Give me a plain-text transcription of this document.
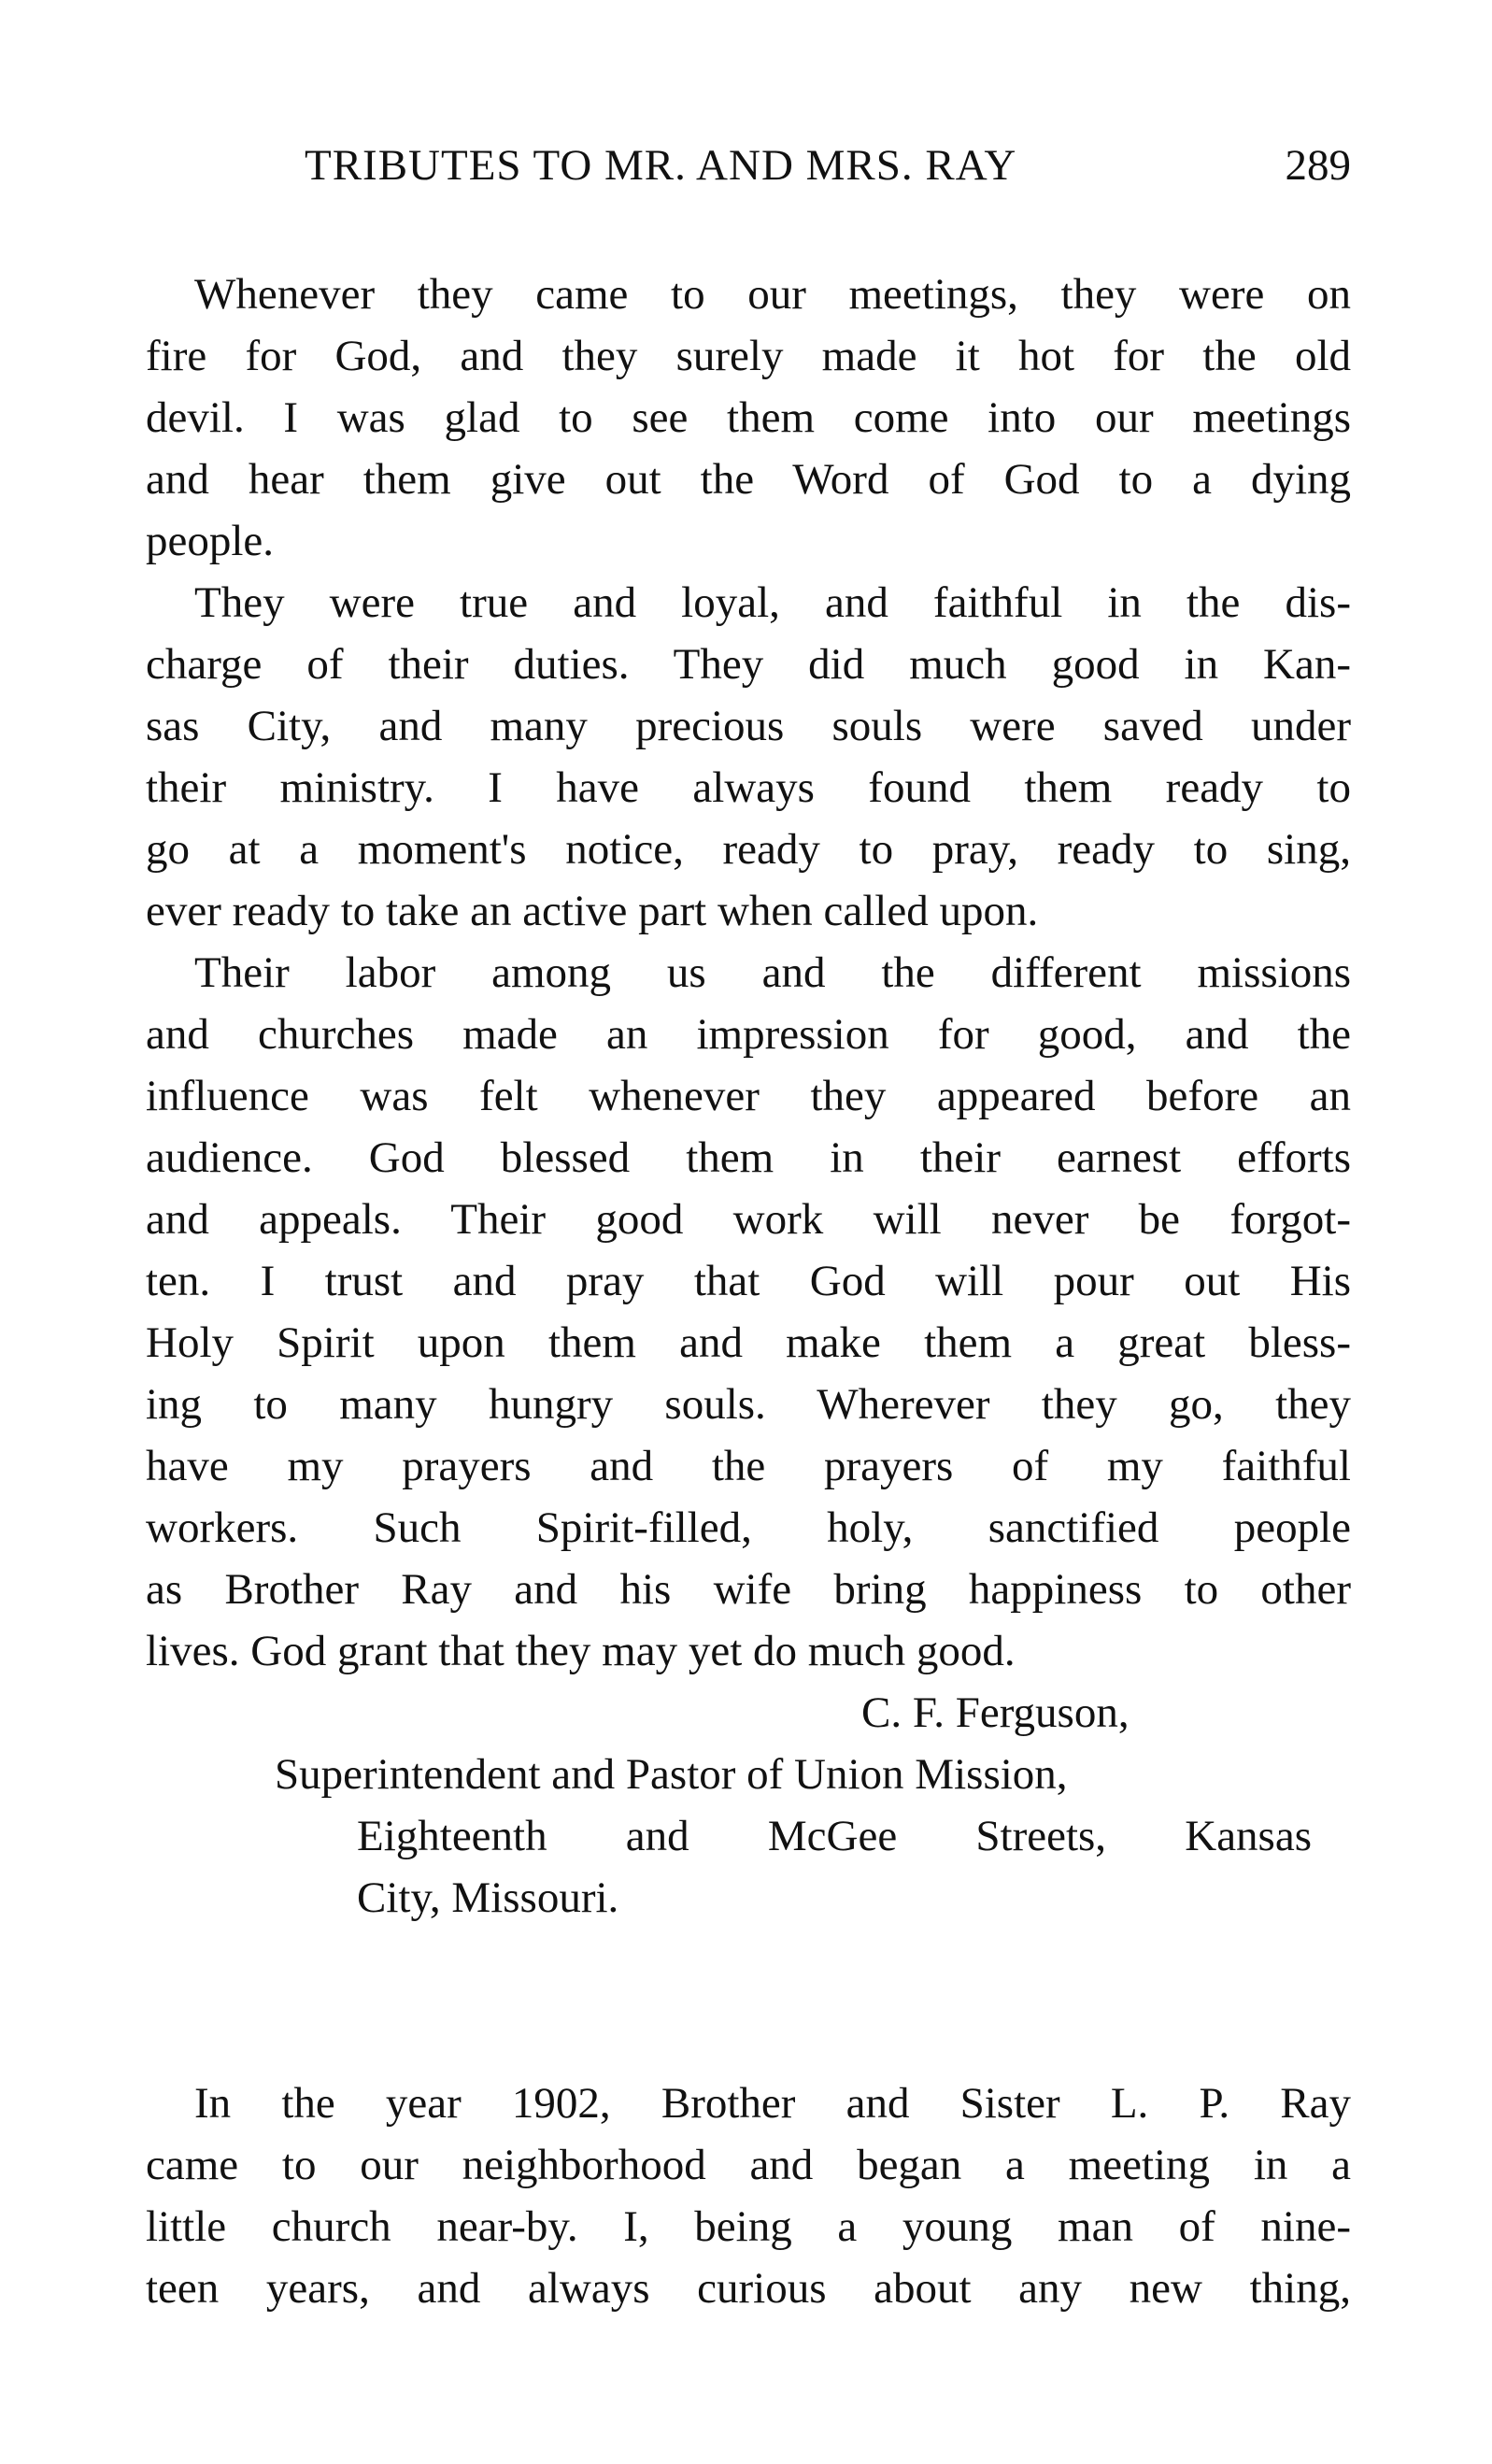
TRIBUTES TO MR. AND MRS. RAY	289
Whenever they came to our meetings, they were on
fire for God, and they surely made it hot for the old
devil. I was glad to see them come into our meetings
and hear them give out the Word of God to a dying
people.
They were true and loyal, and faithful in the dis-
charge of their duties. They did much good in Kan-
sas City, and many precious souls were saved under
their ministry. I have always found them ready to
go at a moment's notice, ready to pray, ready to sing,
ever ready to take an active part when called upon.
Their labor among us and the different missions
and churches made an impression for good, and the
influence was felt whenever they appeared before an
audience. God blessed them in their earnest efforts
and appeals. Their good work will never be forgot-
ten. I trust and pray that God will pour out His
Holy Spirit upon them and make them a great bless-
ing to many hungry souls. Wherever they go, they
have my prayers and the prayers of my faithful
workers. Such Spirit-filled, holy, sanctified people
as Brother Ray and his wife bring happiness to other
lives. God grant that they may yet do much good.
C. F. Ferguson,
Superintendent and Pastor of Union Mission,
Eighteenth and McGee Streets, Kansas
City, Missouri.
In the year 1902, Brother and Sister L. P. Ray
came to our neighborhood and began a meeting in a
little church near-by. I, being a young man of nine-
teen years, and always curious about any new thing,
